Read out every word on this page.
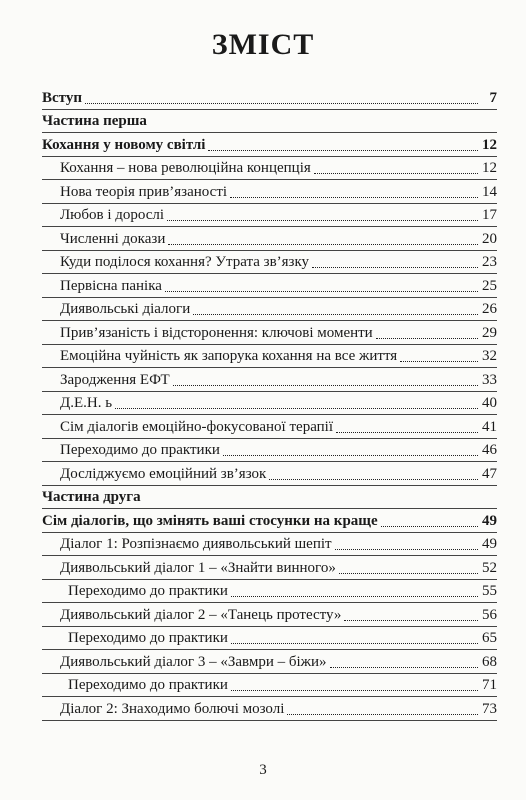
ЗМІСТ
Вступ	7
Частина перша
Кохання у новому світлі	12
Кохання – нова революційна концепція	12
Нова теорія прив’язаності	14
Любов і дорослі	17
Численні докази	20
Куди поділося кохання? Утрата зв’язку	23
Первісна паніка	25
Диявольські діалоги	26
Прив’язаність і відсторонення: ключові моменти	29
Емоційна чуйність як запорука кохання на все життя	32
Зародження ЕФТ	33
Д.Е.Н. ь	40
Сім діалогів емоційно-фокусованої терапії	41
Переходимо до практики	46
Досліджуємо емоційний зв’язок	47
Частина друга
Сім діалогів, що змінять ваші стосунки на краще	49
Діалог 1: Розпізнаємо диявольський шепіт	49
Диявольський діалог 1 – «Знайти винного»	52
Переходимо до практики	55
Диявольський діалог 2 – «Танець протесту»	56
Переходимо до практики	65
Диявольський діалог 3 – «Завмри – біжи»	68
Переходимо до практики	71
Діалог 2: Знаходимо болючі мозолі	73
3
